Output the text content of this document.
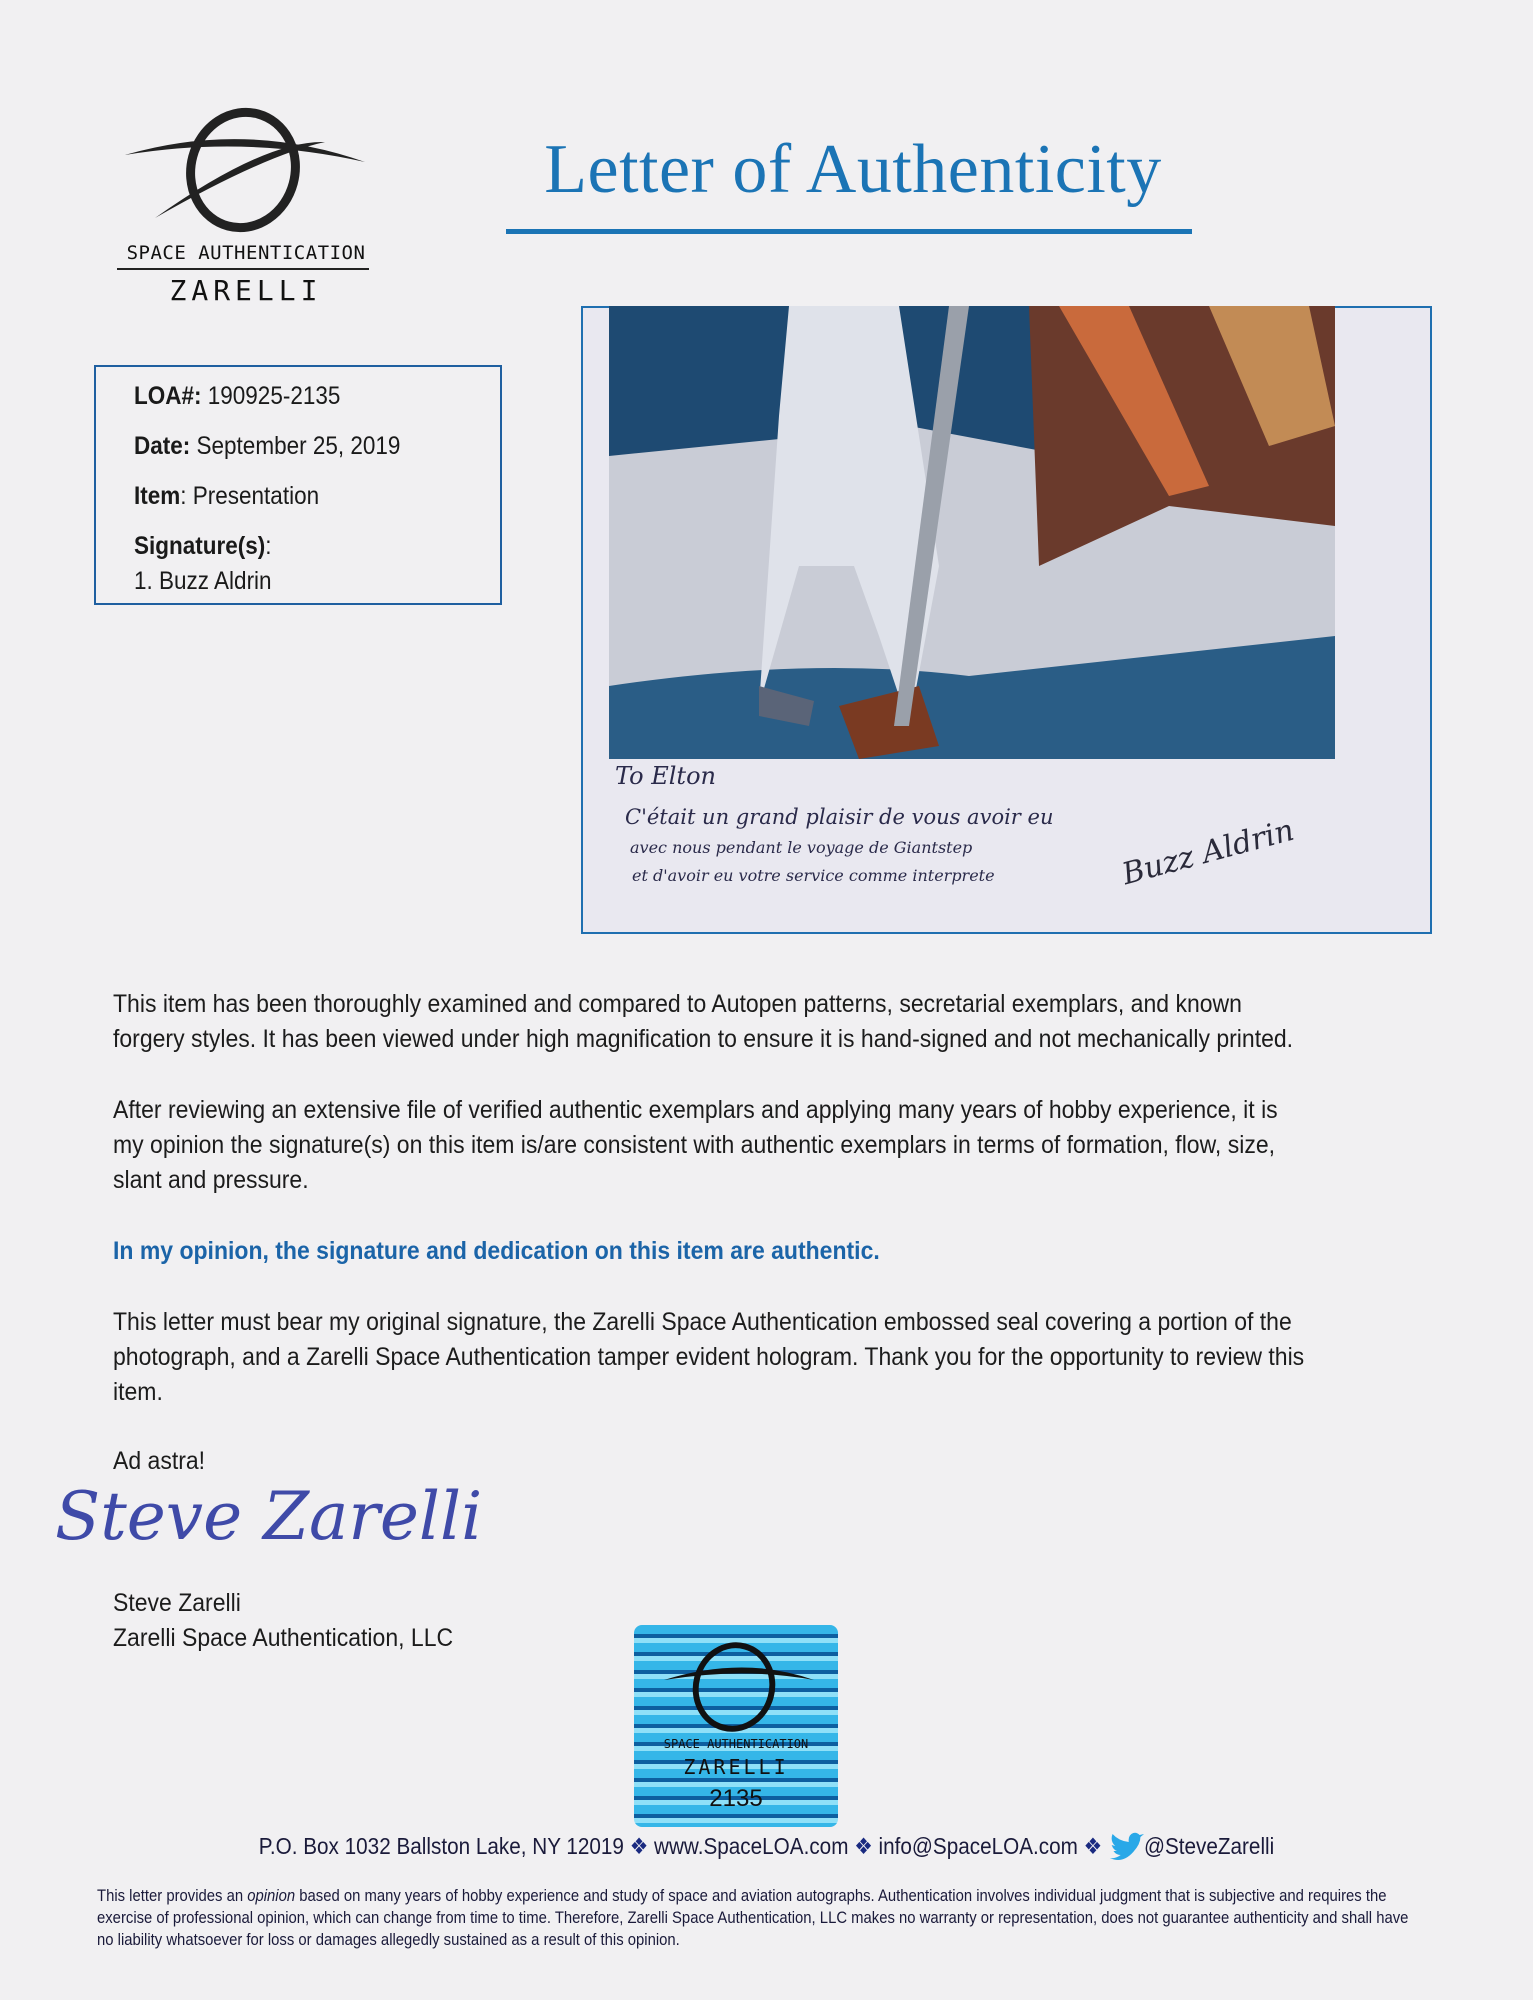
SPACE AUTHENTICATION
ZARELLI
Letter of Authenticity
LOA#: 190925-2135
Date: September 25, 2019
Item: Presentation
Signature(s):
1. Buzz Aldrin
To Elton
C'était un grand plaisir de vous avoir eu
avec nous pendant le voyage de Giantstep
et d'avoir eu votre service comme interprete	Buzz Aldrin
This item has been thoroughly examined and compared to Autopen patterns, secretarial exemplars, and known forgery styles. It has been viewed under high magnification to ensure it is hand-signed and not mechanically printed.
After reviewing an extensive file of verified authentic exemplars and applying many years of hobby experience, it is my opinion the signature(s) on this item is/are consistent with authentic exemplars in terms of formation, flow, size, slant and pressure.
In my opinion, the signature and dedication on this item are authentic.
This letter must bear my original signature, the Zarelli Space Authentication embossed seal covering a portion of the photograph, and a Zarelli Space Authentication tamper evident hologram. Thank you for the opportunity to review this item.
Ad astra!
Steve Zarelli
Steve Zarelli
Zarelli Space Authentication, LLC
SPACE AUTHENTICATION
ZARELLI
2135
P.O. Box 1032 Ballston Lake, NY 12019 ❖ www.SpaceLOA.com ❖ info@SpaceLOA.com ❖ @SteveZarelli
This letter provides an opinion based on many years of hobby experience and study of space and aviation autographs. Authentication involves individual judgment that is subjective and requires the exercise of professional opinion, which can change from time to time. Therefore, Zarelli Space Authentication, LLC makes no warranty or representation, does not guarantee authenticity and shall have no liability whatsoever for loss or damages allegedly sustained as a result of this opinion.
